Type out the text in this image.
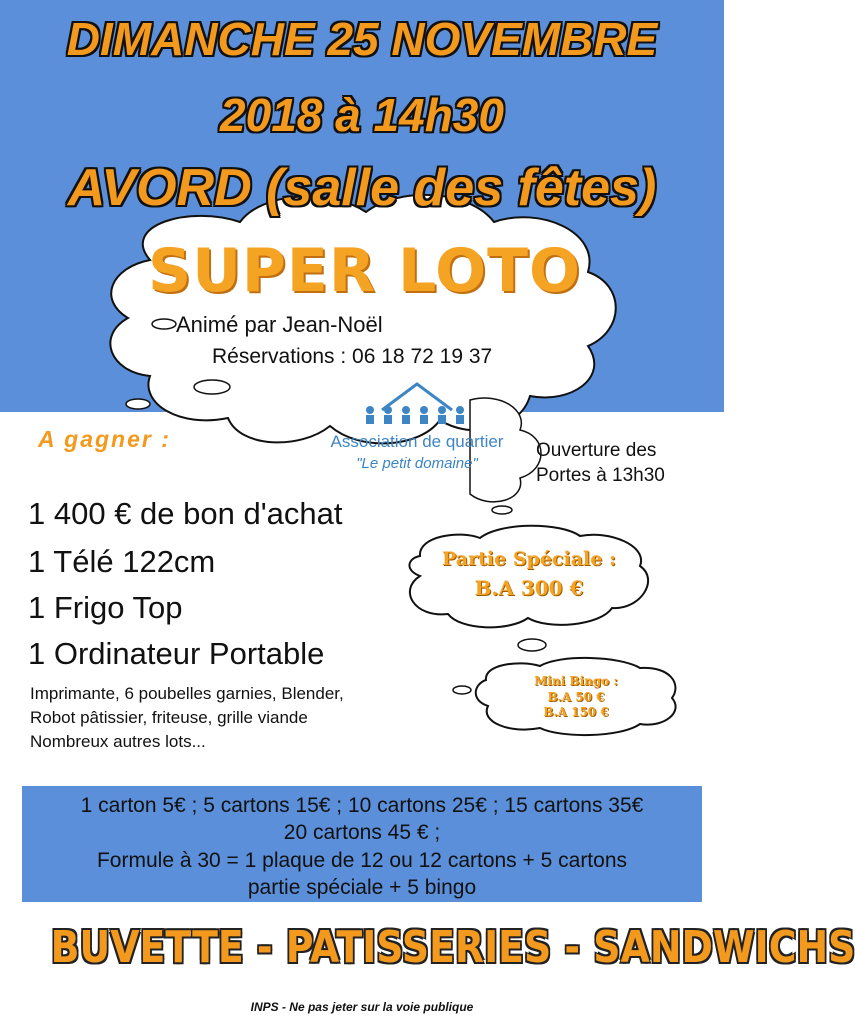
DIMANCHE 25 NOVEMBRE
2018 à 14h30
AVORD (salle des fêtes)
SUPER LOTO
Animé par Jean-Noël
Réservations : 06 18 72 19 37
Association de quartier
"Le petit domaine"
A gagner :	Ouverture des
Portes à 13h30
1 400 € de bon d'achat
1 Télé 122cm
1 Frigo Top
1 Ordinateur Portable
Imprimante, 6 poubelles garnies, Blender,
Robot pâtissier, friteuse, grille viande
Nombreux autres lots...
Partie Spéciale :
B.A 300 €
Mini Bingo :
B.A 50 €
B.A 150 €
1 carton 5€ ; 5 cartons 15€ ; 10 cartons 25€ ; 15 cartons 35€
20 cartons 45 € ;
Formule à 30 = 1 plaque de 12 ou 12 cartons + 5 cartons
partie spéciale + 5 bingo
BUVETTE - PATISSERIES - SANDWICHS
INPS - Ne pas jeter sur la voie publique
